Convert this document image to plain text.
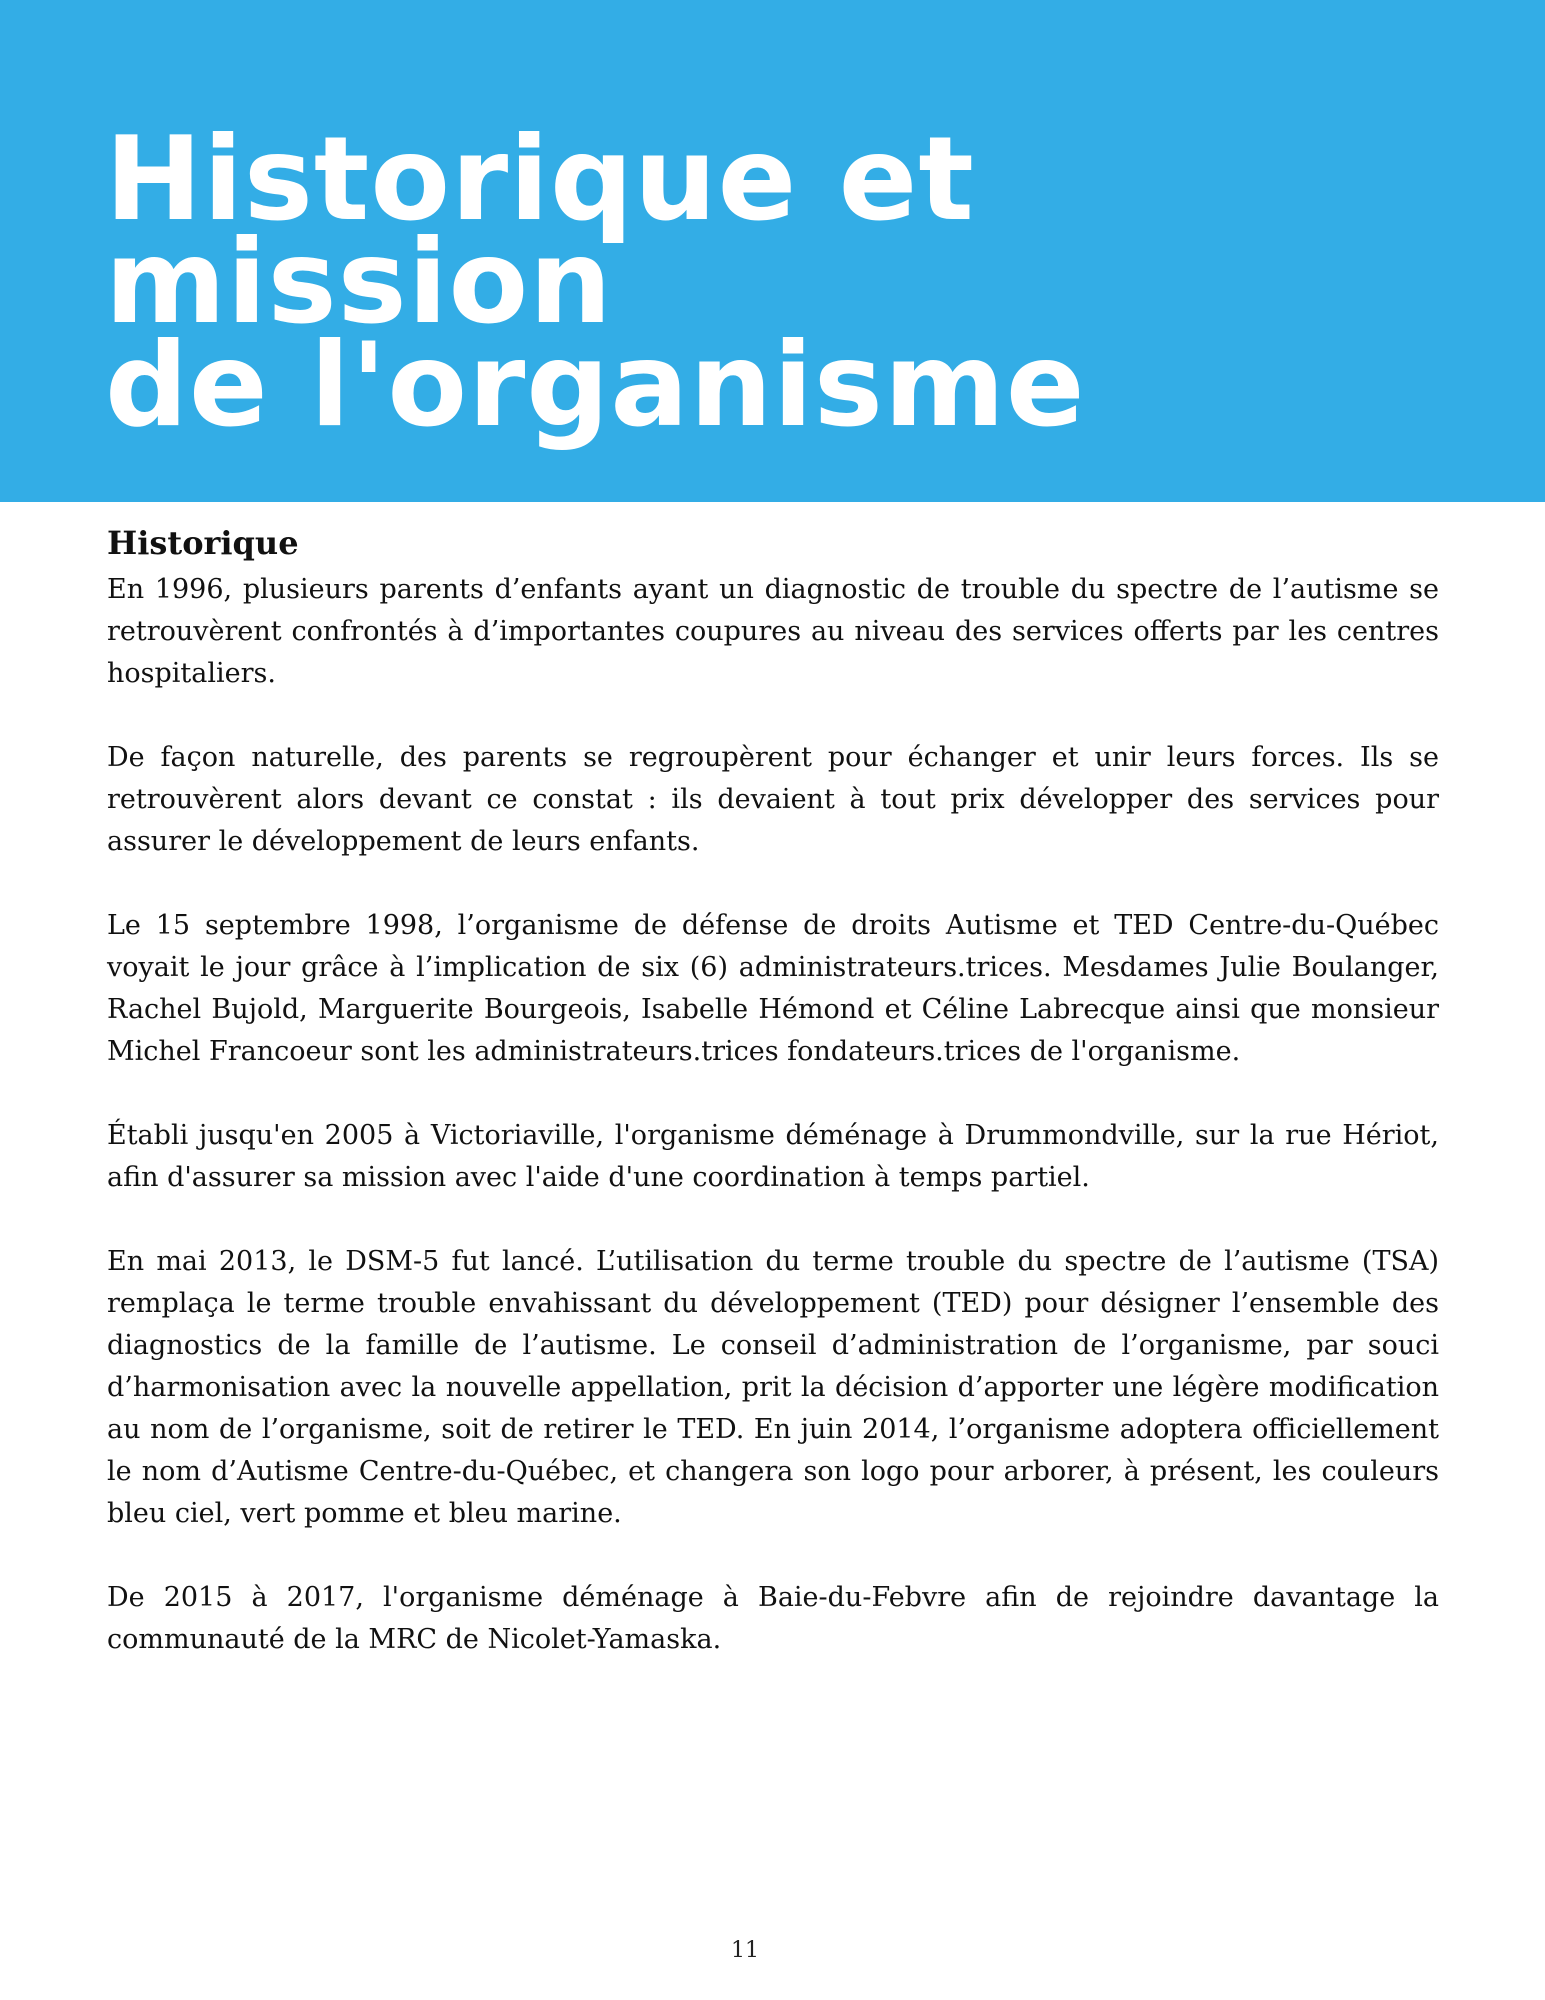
Historique et mission
de l'organisme
Historique

En 1996, plusieurs parents d’enfants ayant un diagnostic de trouble du spectre de l’autisme se retrouvèrent confrontés à d’importantes coupures au niveau des services offerts par les centres hospitaliers.

De façon naturelle, des parents se regroupèrent pour échanger et unir leurs forces. Ils se retrouvèrent alors devant ce constat : ils devaient à tout prix développer des services pour assurer le développement de leurs enfants.

Le 15 septembre 1998, l’organisme de défense de droits Autisme et TED Centre-du-Québec voyait le jour grâce à l’implication de six (6) administrateurs.trices. Mesdames Julie Boulanger, Rachel Bujold, Marguerite Bourgeois, Isabelle Hémond et Céline Labrecque ainsi que monsieur Michel Francoeur sont les administrateurs.trices fondateurs.trices de l'organisme.

Établi jusqu'en 2005 à Victoriaville, l'organisme déménage à Drummondville, sur la rue Hériot, afin d'assurer sa mission avec l'aide d'une coordination à temps partiel.

En mai 2013, le DSM-5 fut lancé. L’utilisation du terme trouble du spectre de l’autisme (TSA) remplaça le terme trouble envahissant du développement (TED) pour désigner l’ensemble des diagnostics de la famille de l’autisme. Le conseil d’administration de l’organisme, par souci d’harmonisation avec la nouvelle appellation, prit la décision d’apporter une légère modification au nom de l’organisme, soit de retirer le TED. En juin 2014, l’organisme adoptera officiellement le nom d’Autisme Centre-du-Québec, et changera son logo pour arborer, à présent, les couleurs bleu ciel, vert pomme et bleu marine.

De 2015 à 2017, l'organisme déménage à Baie-du-Febvre afin de rejoindre davantage la communauté de la MRC de Nicolet-Yamaska.

11
